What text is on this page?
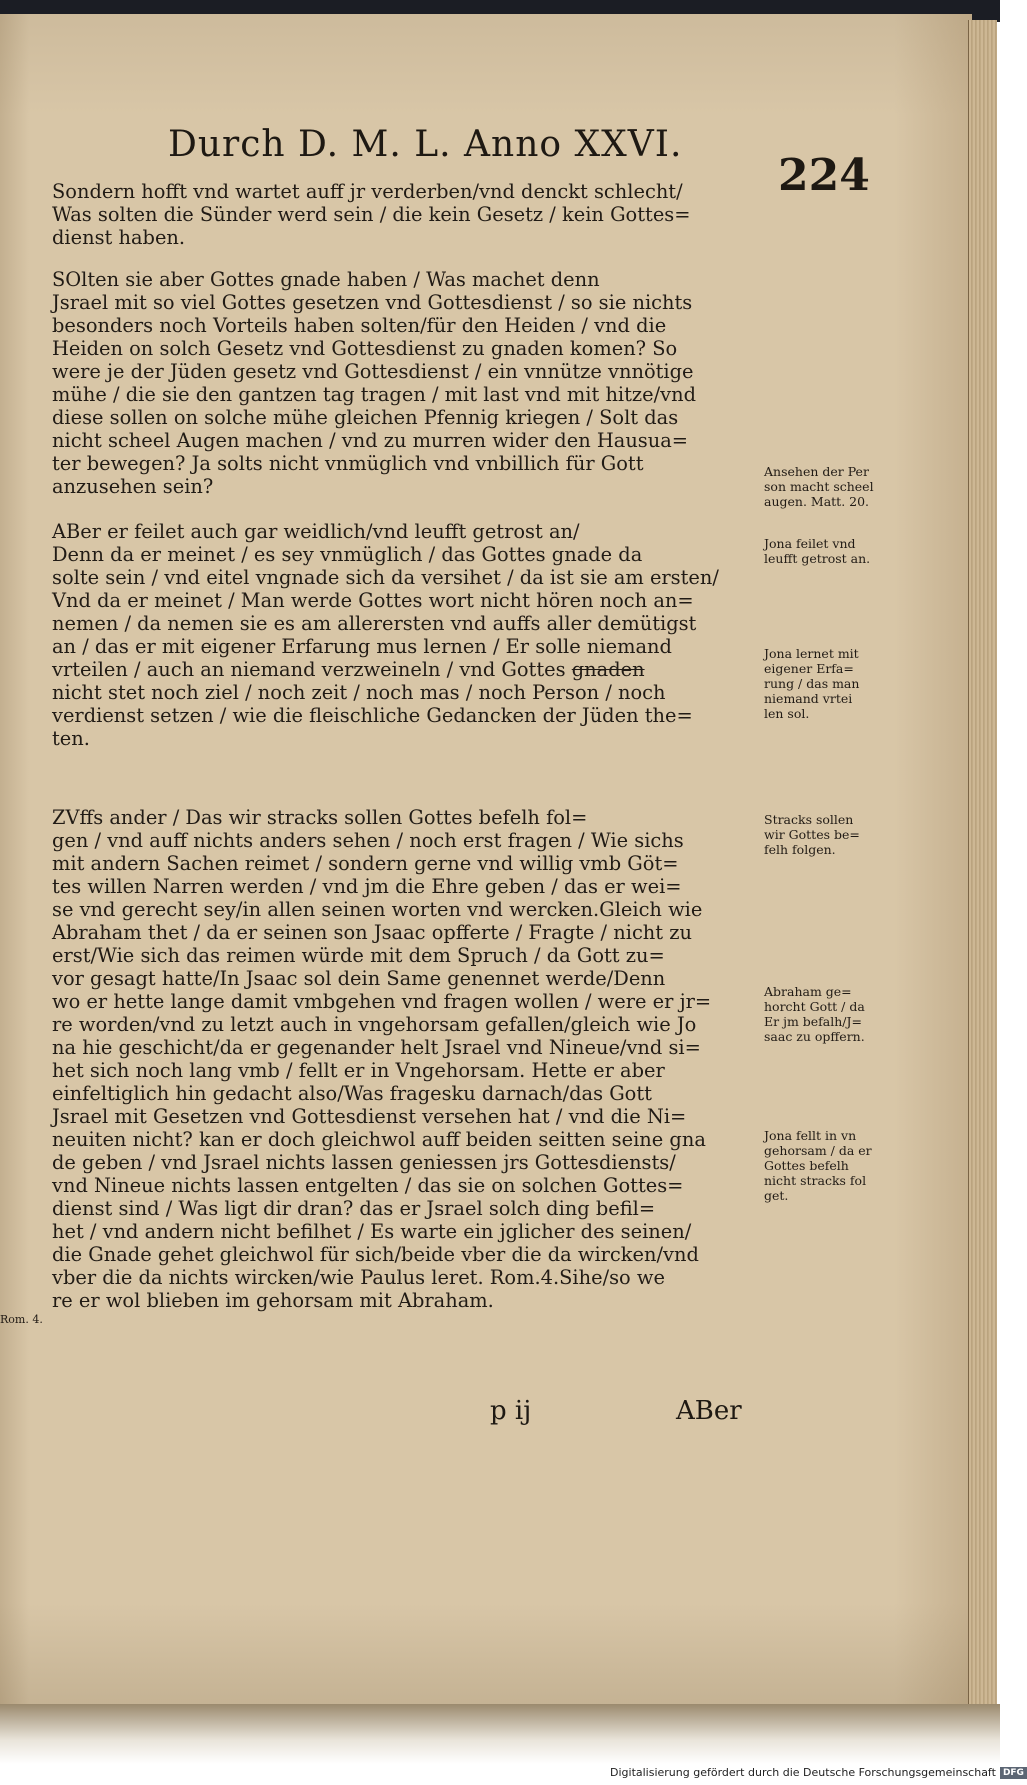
Durch D. M. L. Anno XXVI.
224
Sondern hofft vnd wartet auff jr verderben/vnd denckt schlecht/
Was solten die Sünder werd sein / die kein Gesetz / kein Gottes=
dienst haben.
SOlten sie aber Gottes gnade haben / Was machet denn
Jsrael mit so viel Gottes gesetzen vnd Gottesdienst / so sie nichts
besonders noch Vorteils haben solten/für den Heiden / vnd die
Heiden on solch Gesetz vnd Gottesdienst zu gnaden komen? So
were je der Jüden gesetz vnd Gottesdienst / ein vnnütze vnnötige
mühe / die sie den gantzen tag tragen / mit last vnd mit hitze/vnd
diese sollen on solche mühe gleichen Pfennig kriegen / Solt das
nicht scheel Augen machen / vnd zu murren wider den Hausua=
ter bewegen? Ja solts nicht vnmüglich vnd vnbillich für Gott
anzusehen sein?
ABer er feilet auch gar weidlich/vnd leufft getrost an/
Denn da er meinet / es sey vnmüglich / das Gottes gnade da
solte sein / vnd eitel vngnade sich da versihet / da ist sie am ersten/
Vnd da er meinet / Man werde Gottes wort nicht hören noch an=
nemen / da nemen sie es am allerersten vnd auffs aller demütigst
an / das er mit eigener Erfarung mus lernen / Er solle niemand
vrteilen / auch an niemand verzweineln / vnd Gottes gnaden
nicht stet noch ziel / noch zeit / noch mas / noch Person / noch
verdienst setzen / wie die fleischliche Gedancken der Jüden the=
ten.
ZVffs ander / Das wir stracks sollen Gottes befelh fol=
gen / vnd auff nichts anders sehen / noch erst fragen / Wie sichs
mit andern Sachen reimet / sondern gerne vnd willig vmb Göt=
tes willen Narren werden / vnd jm die Ehre geben / das er wei=
se vnd gerecht sey/in allen seinen worten vnd wercken.Gleich wie
Abraham thet / da er seinen son Jsaac opfferte / Fragte / nicht zu
erst/Wie sich das reimen würde mit dem Spruch / da Gott zu=
vor gesagt hatte/In Jsaac sol dein Same genennet werde/Denn
wo er hette lange damit vmbgehen vnd fragen wollen / were er jr=
re worden/vnd zu letzt auch in vngehorsam gefallen/gleich wie Jo
na hie geschicht/da er gegenander helt Jsrael vnd Nineue/vnd si=
het sich noch lang vmb / fellt er in Vngehorsam. Hette er aber
einfeltiglich hin gedacht also/Was fragesku darnach/das Gott
Jsrael mit Gesetzen vnd Gottesdienst versehen hat / vnd die Ni=
neuiten nicht? kan er doch gleichwol auff beiden seitten seine gna
de geben / vnd Jsrael nichts lassen geniessen jrs Gottesdiensts/
vnd Nineue nichts lassen entgelten / das sie on solchen Gottes=
dienst sind / Was ligt dir dran? das er Jsrael solch ding befil=
het / vnd andern nicht befilhet / Es warte ein jglicher des seinen/
die Gnade gehet gleichwol für sich/beide vber die da wircken/vnd
vber die da nichts wircken/wie Paulus leret. Rom.4.Sihe/so we
re er wol blieben im gehorsam mit Abraham.
Ansehen der Per
son macht scheel
augen. Matt. 20.
Jona feilet vnd
leufft getrost an.
Jona lernet mit
eigener Erfa=
rung / das man
niemand vrtei
len sol.
Stracks sollen
wir Gottes be=
felh folgen.
Abraham ge=
horcht Gott / da
Er jm befalh/J=
saac zu opffern.
Jona fellt in vn
gehorsam / da er
Gottes befelh
nicht stracks fol
get.
Rom. 4.
p ij	ABer
Digitalisierung gefördert durch die Deutsche Forschungsgemeinschaft DFG
